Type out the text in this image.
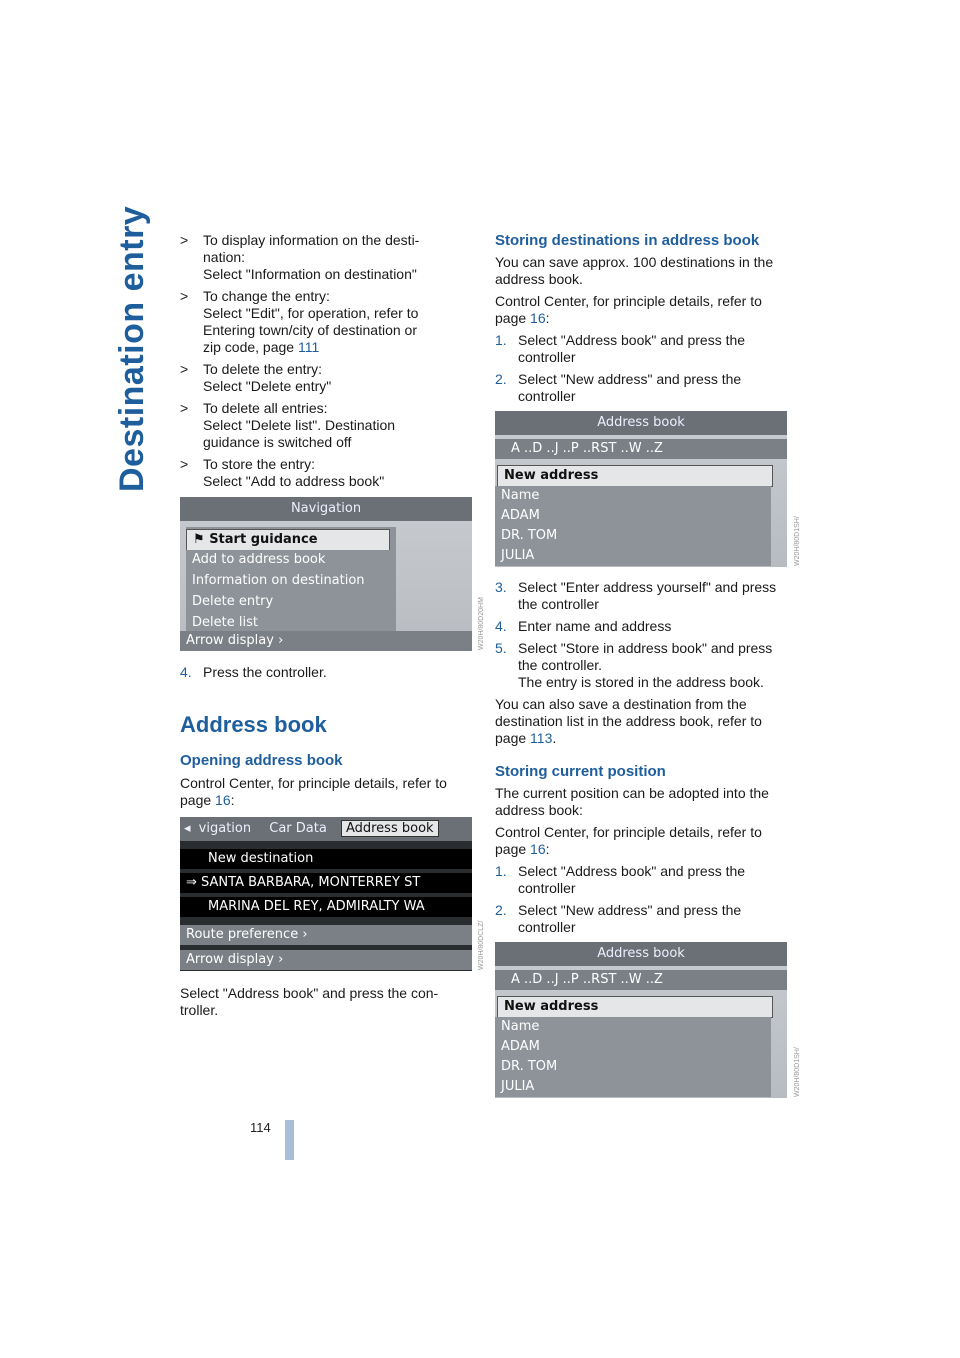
Destination entry >	To display information on the desti-
nation:
Select "Information on destination"
>	To change the entry:
Select "Edit", for operation, refer to
Entering town/city of destination or
zip code, page 111
>	To delete the entry:
Select "Delete entry"
>	To delete all entries:
Select "Delete list". Destination
guidance is switched off
>	To store the entry:
Select "Add to address book"
Navigation
⚑ Start guidance
Add to address book
Information on destination
Delete entry
Delete list
Arrow display ›	W20H/80D20HM
4. Press the controller.
Address book
Opening address book

Control Center, for principle details, refer to page 16:

◂ vigation Car Data Address book
New destination
⇒ SANTA BARBARA, MONTERREY ST
MARINA DEL REY, ADMIRALTY WA
Route preference ›
Arrow display ›	W20H/80DCLZ/

Select "Address book" and press the con-troller.

Storing destinations in address book

You can save approx. 100 destinations in the address book.

Control Center, for principle details, refer to page 16:

1. Select "Address book" and press the controller
2. Select "New address" and press the controller
Address book
A ..D ..J ..P ..RST ..W ..Z
New address
Name
ADAM
DR. TOM
JULIA	W20H/80D1SH/
3. Select "Enter address yourself" and press the controller
4. Enter name and address
5. Select "Store in address book" and press the controller.
The entry is stored in the address book.

You can also save a destination from the destination list in the address book, refer to page 113.

Storing current position

The current position can be adopted into the address book:

Control Center, for principle details, refer to page 16:

1. Select "Address book" and press the controller
2. Select "New address" and press the controller
Address book
A ..D ..J ..P ..RST ..W ..Z
New address
Name
ADAM
DR. TOM
JULIA	W20H/80D1SH/
114
